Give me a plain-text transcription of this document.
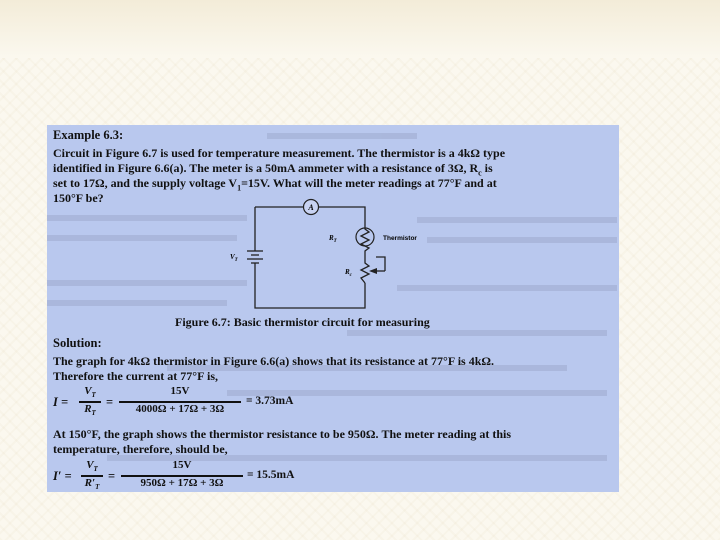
Example 6.3:
Circuit in Figure 6.7 is used for temperature measurement. The thermistor is a 4kΩ type
identified in Figure 6.6(a). The meter is a 50mA ammeter with a resistance of 3Ω, $R_c$ is
set to 17Ω, and the supply voltage $V_1=15V$. What will the meter readings at 77°F and at
150°F be?
A
$R_T$	Thermistor
$R_c$
$V_T$
Figure 6.7: Basic thermistor circuit for measuring
Solution:
The graph for 4kΩ thermistor in Figure 6.6(a) shows that its resistance at 77°F is 4kΩ.
Therefore the current at 77°F is,
I =
$V_T$
$R_T$
=
15V
4000Ω + 17Ω + 3Ω
= 3.73mA
At 150°F, the graph shows the thermistor resistance to be 950Ω. The meter reading at this
temperature, therefore, should be,
I′ =
$V_T$
$R'_T$
=
15V
950Ω + 17Ω + 3Ω
= 15.5mA
